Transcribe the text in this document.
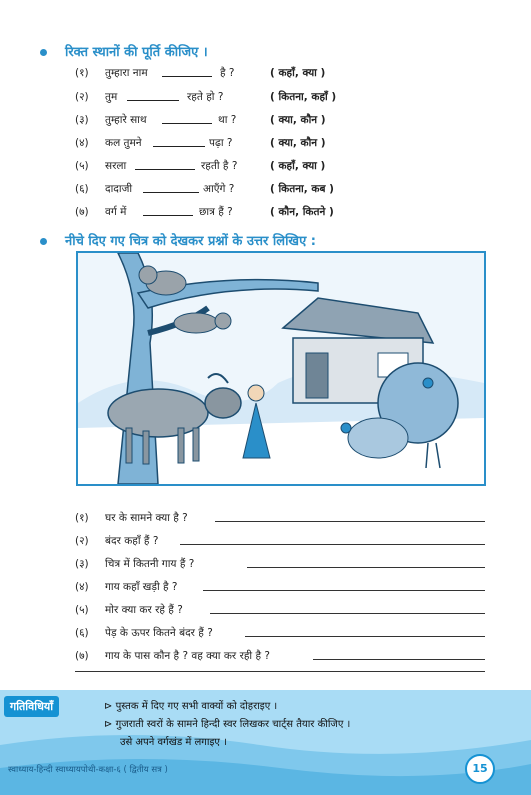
रिक्त स्थानों की पूर्ति कीजिए ।
(१)	तुम्हारा नाम	है ?	( कहाँ, क्या )
(२)	तुम	रहते हो ?	( कितना, कहाँ )
(३)	तुम्हारे साथ	था ?	( क्या, कौन )
(४)	कल तुमने	पढ़ा ?	( क्या, कौन )
(५)	सरला	रहती है ?	( कहाँ, क्या )
(६)	दादाजी	आएँगे ?	( कितना, कब )
(७)	वर्ग में	छात्र हैं ?	( कौन, कितने )
नीचे दिए गए चित्र को देखकर प्रश्नों के उत्तर लिखिए :
(१)	घर के सामने क्या है ?
(२)	बंदर कहाँ हैं ?
(३)	चित्र में कितनी गाय हैं ?
(४)	गाय कहाँ खड़ी है ?
(५)	मोर क्या कर रहे हैं ?
(६)	पेड़ के ऊपर कितने बंदर हैं ?
(७)	गाय के पास कौन है ? वह क्या कर रही है ?
गतिविधियाँ	⊳ पुस्तक में दिए गए सभी वाक्यों को दोहराइए ।
⊳ गुजराती स्वरों के सामने हिन्दी स्वर लिखकर चार्ट्स तैयार कीजिए ।
उसे अपने वर्गखंड में लगाइए ।
स्वाध्याय-हिन्दी स्वाध्यायपोथी-कक्षा-६ ( द्वितीय सत्र )	15
